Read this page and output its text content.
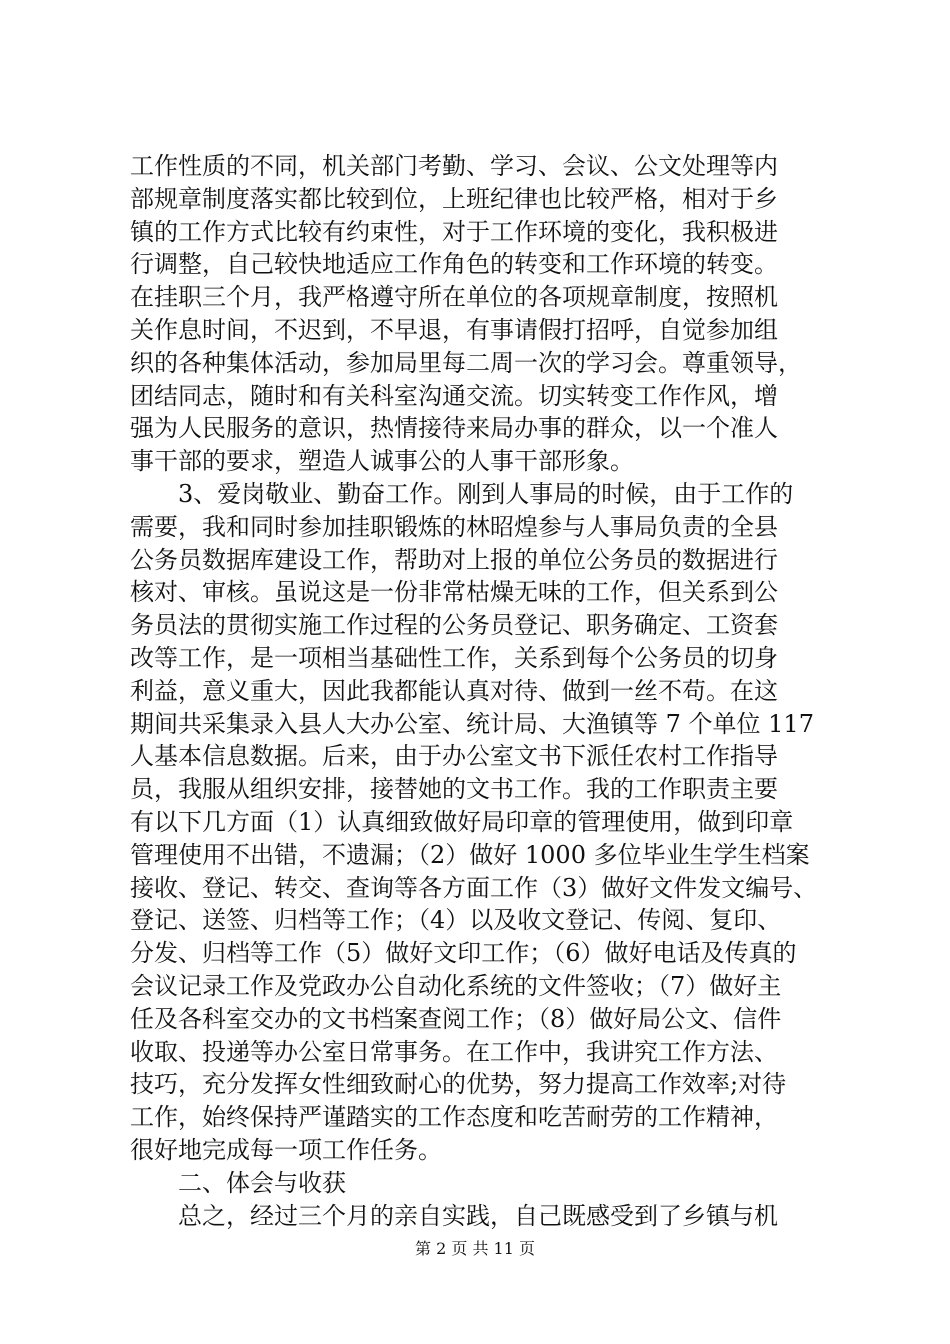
工作性质的不同，机关部门考勤、学习、会议、公文处理等内
部规章制度落实都比较到位，上班纪律也比较严格，相对于乡
镇的工作方式比较有约束性，对于工作环境的变化，我积极进
行调整，自己较快地适应工作角色的转变和工作环境的转变。
在挂职三个月，我严格遵守所在单位的各项规章制度，按照机
关作息时间，不迟到，不早退，有事请假打招呼，自觉参加组
织的各种集体活动，参加局里每二周一次的学习会。尊重领导，
团结同志，随时和有关科室沟通交流。切实转变工作作风，增
强为人民服务的意识，热情接待来局办事的群众，以一个准人
事干部的要求，塑造人诚事公的人事干部形象。
3、爱岗敬业、勤奋工作。刚到人事局的时候，由于工作的
需要，我和同时参加挂职锻炼的林昭煌参与人事局负责的全县
公务员数据库建设工作，帮助对上报的单位公务员的数据进行
核对、审核。虽说这是一份非常枯燥无味的工作，但关系到公
务员法的贯彻实施工作过程的公务员登记、职务确定、工资套
改等工作，是一项相当基础性工作，关系到每个公务员的切身
利益，意义重大，因此我都能认真对待、做到一丝不苟。在这
期间共采集录入县人大办公室、统计局、大渔镇等 7 个单位 117
人基本信息数据。后来，由于办公室文书下派任农村工作指导
员，我服从组织安排，接替她的文书工作。我的工作职责主要
有以下几方面（1）认真细致做好局印章的管理使用，做到印章
管理使用不出错，不遗漏；（2）做好 1000 多位毕业生学生档案
接收、登记、转交、查询等各方面工作（3）做好文件发文编号、
登记、送签、归档等工作；（4）以及收文登记、传阅、复印、
分发、归档等工作（5）做好文印工作；（6）做好电话及传真的
会议记录工作及党政办公自动化系统的文件签收；（7）做好主
任及各科室交办的文书档案查阅工作；（8）做好局公文、信件
收取、投递等办公室日常事务。在工作中，我讲究工作方法、
技巧，充分发挥女性细致耐心的优势，努力提高工作效率;对待
工作，始终保持严谨踏实的工作态度和吃苦耐劳的工作精神，
很好地完成每一项工作任务。
二、体会与收获
总之，经过三个月的亲自实践，自己既感受到了乡镇与机
第 2 页 共 11 页
